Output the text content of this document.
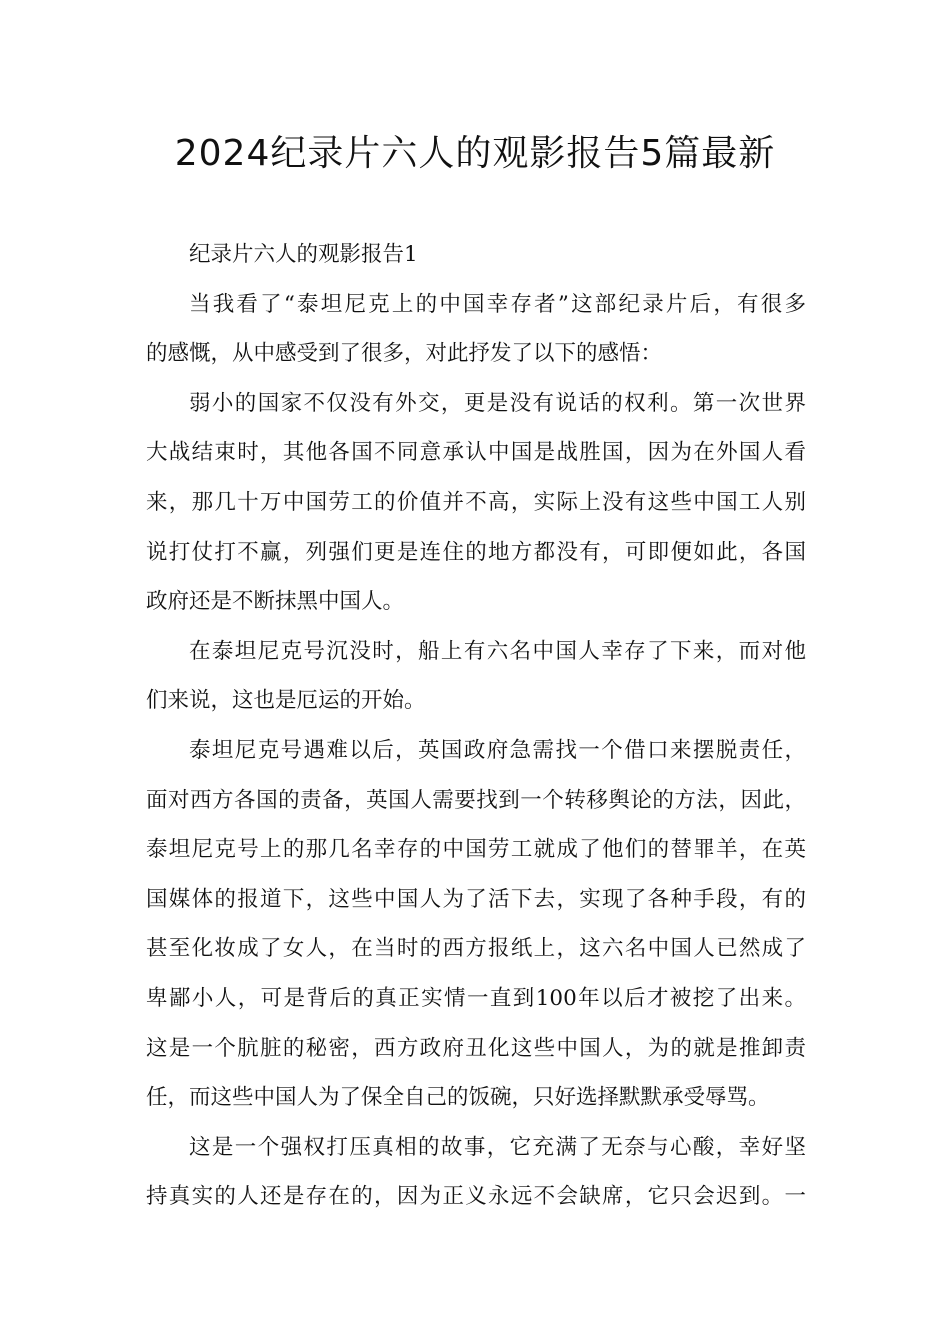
2024纪录片六人的观影报告5篇最新
纪录片六人的观影报告1
当我看了“泰坦尼克上的中国幸存者”这部纪录片后，有很多
的感慨，从中感受到了很多，对此抒发了以下的感悟：
弱小的国家不仅没有外交，更是没有说话的权利。第一次世界
大战结束时，其他各国不同意承认中国是战胜国，因为在外国人看
来，那几十万中国劳工的价值并不高，实际上没有这些中国工人别
说打仗打不赢，列强们更是连住的地方都没有，可即便如此，各国
政府还是不断抹黑中国人。
在泰坦尼克号沉没时，船上有六名中国人幸存了下来，而对他
们来说，这也是厄运的开始。
泰坦尼克号遇难以后，英国政府急需找一个借口来摆脱责任，
面对西方各国的责备，英国人需要找到一个转移舆论的方法，因此，
泰坦尼克号上的那几名幸存的中国劳工就成了他们的替罪羊，在英
国媒体的报道下，这些中国人为了活下去，实现了各种手段，有的
甚至化妆成了女人，在当时的西方报纸上，这六名中国人已然成了
卑鄙小人，可是背后的真正实情一直到100年以后才被挖了出来。
这是一个肮脏的秘密，西方政府丑化这些中国人，为的就是推卸责
任，而这些中国人为了保全自己的饭碗，只好选择默默承受辱骂。
这是一个强权打压真相的故事，它充满了无奈与心酸，幸好坚
持真实的人还是存在的，因为正义永远不会缺席，它只会迟到。一
